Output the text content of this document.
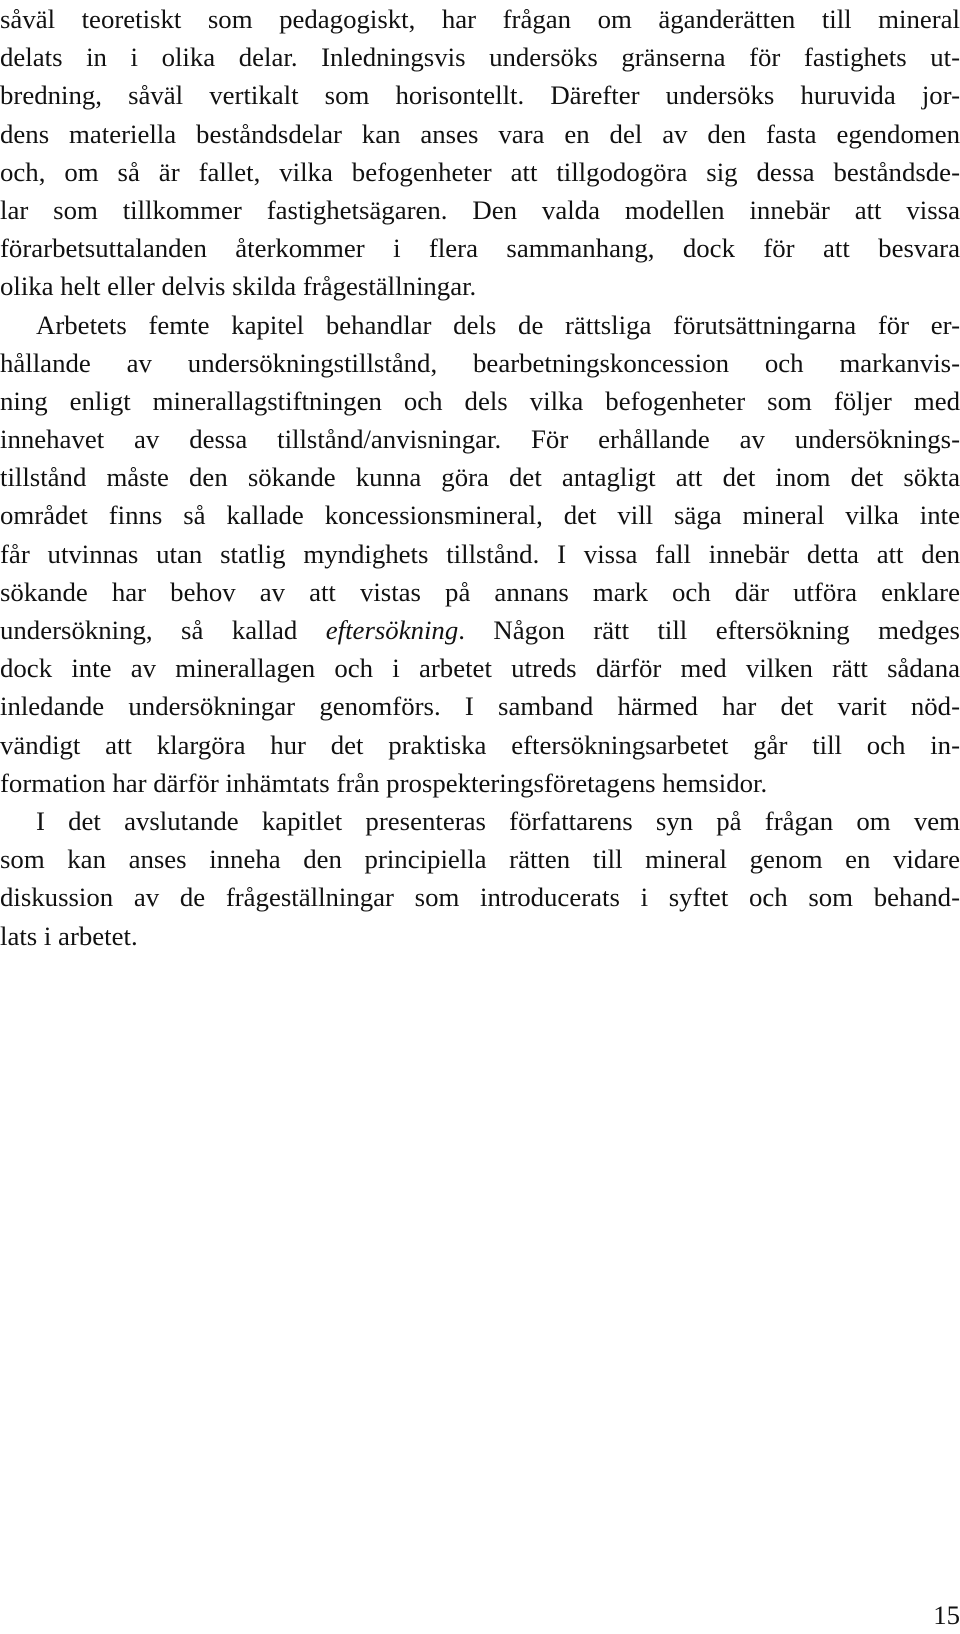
såväl teoretiskt som pedagogiskt, har frågan om äganderätten till mineral
delats in i olika delar. Inledningsvis undersöks gränserna för fastighets ut-
bredning, såväl vertikalt som horisontellt. Därefter undersöks huruvida jor-
dens materiella beståndsdelar kan anses vara en del av den fasta egendomen
och, om så är fallet, vilka befogenheter att tillgodogöra sig dessa beståndsde-
lar som tillkommer fastighetsägaren. Den valda modellen innebär att vissa
förarbetsuttalanden återkommer i flera sammanhang, dock för att besvara
olika helt eller delvis skilda frågeställningar.
Arbetets femte kapitel behandlar dels de rättsliga förutsättningarna för er-
hållande av undersökningstillstånd, bearbetningskoncession och markanvis-
ning enligt minerallagstiftningen och dels vilka befogenheter som följer med
innehavet av dessa tillstånd/anvisningar. För erhållande av undersöknings-
tillstånd måste den sökande kunna göra det antagligt att det inom det sökta
området finns så kallade koncessionsmineral, det vill säga mineral vilka inte
får utvinnas utan statlig myndighets tillstånd. I vissa fall innebär detta att den
sökande har behov av att vistas på annans mark och där utföra enklare
undersökning, så kallad eftersökning. Någon rätt till eftersökning medges
dock inte av minerallagen och i arbetet utreds därför med vilken rätt sådana
inledande undersökningar genomförs. I samband härmed har det varit nöd-
vändigt att klargöra hur det praktiska eftersökningsarbetet går till och in-
formation har därför inhämtats från prospekteringsföretagens hemsidor.
I det avslutande kapitlet presenteras författarens syn på frågan om vem
som kan anses inneha den principiella rätten till mineral genom en vidare
diskussion av de frågeställningar som introducerats i syftet och som behand-
lats i arbetet.
15
